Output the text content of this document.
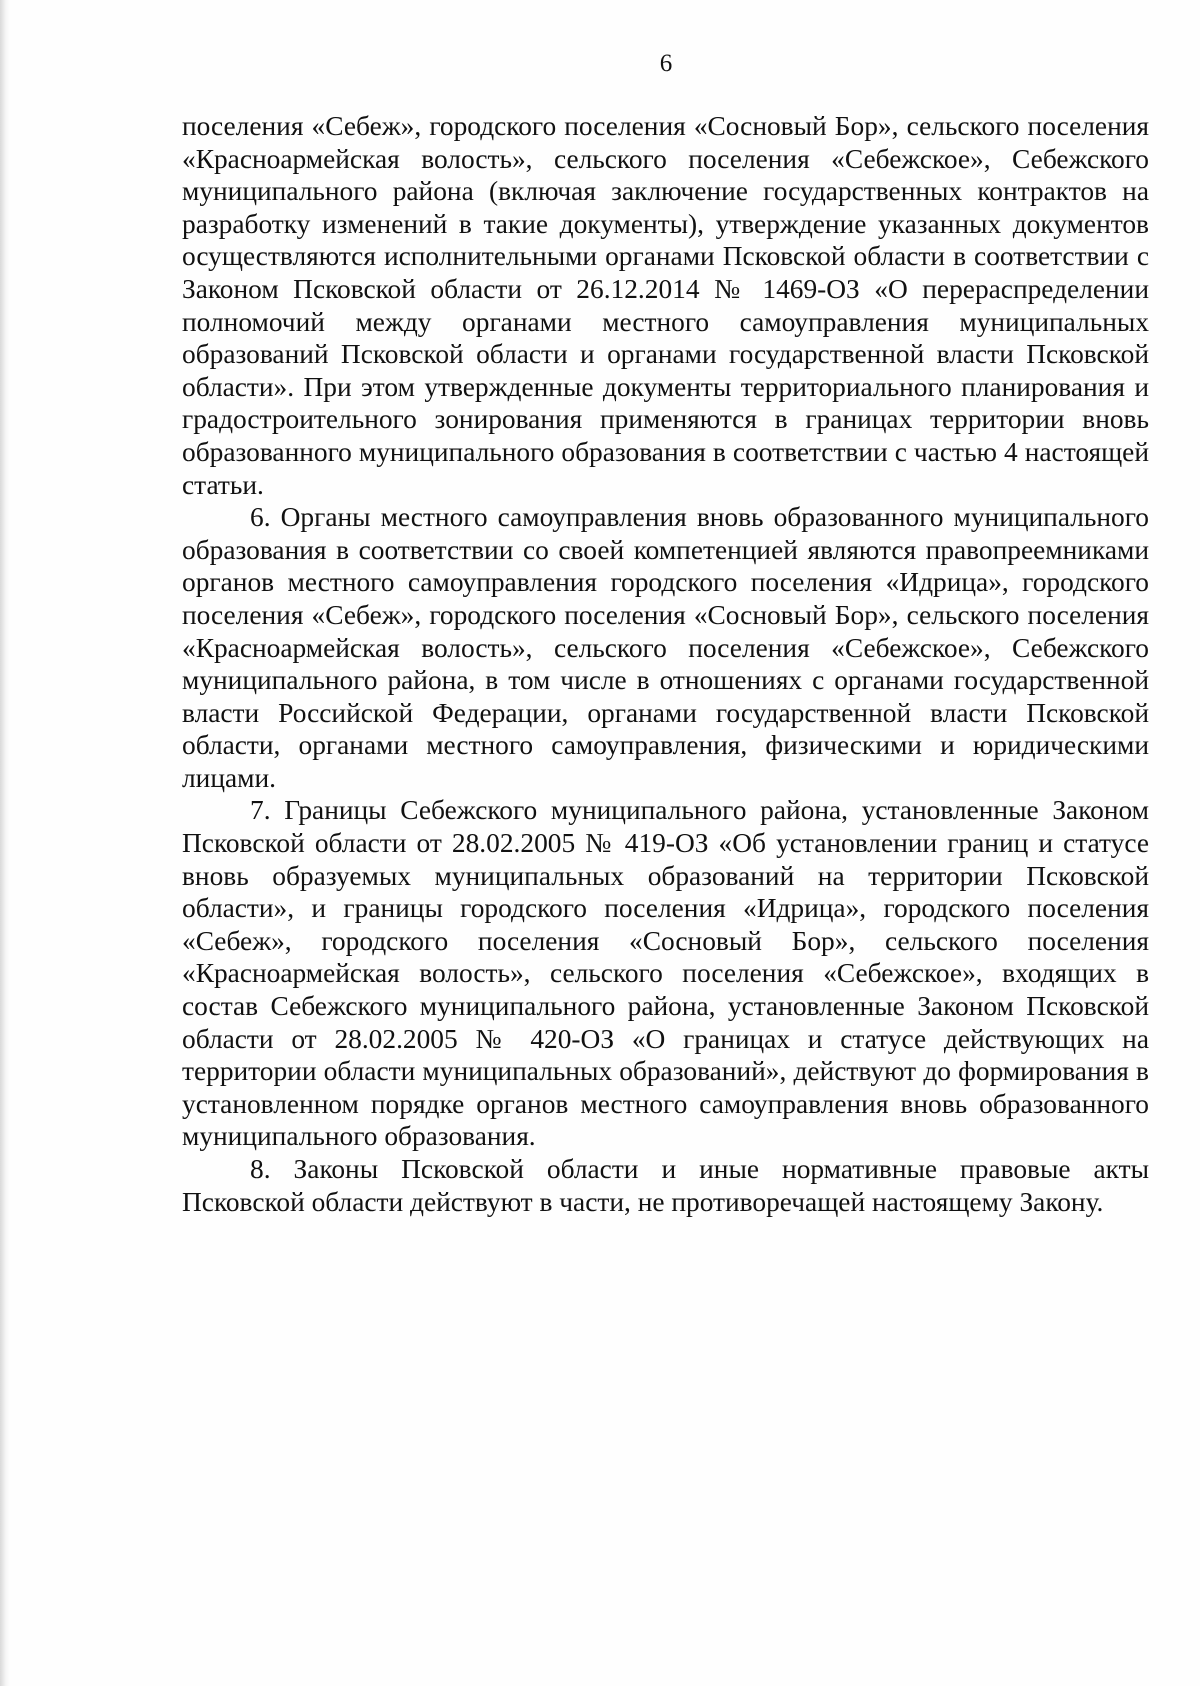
6

поселения «Себеж», городского поселения «Сосновый Бор», сельского поселения «Красноармейская волость», сельского поселения «Себежское», Себежского муниципального района (включая заключение государственных контрактов на разработку изменений в такие документы), утверждение указанных документов осуществляются исполнительными органами Псковской области в соответствии с Законом Псковской области от 26.12.2014 № 1469-ОЗ «О перераспределении полномочий между органами местного самоуправления муниципальных образований Псковской области и органами государственной власти Псковской области». При этом утвержденные документы территориального планирования и градостроительного зонирования применяются в границах территории вновь образованного муниципального образования в соответствии с частью 4 настоящей статьи.

6. Органы местного самоуправления вновь образованного муниципального образования в соответствии со своей компетенцией являются правопреемниками органов местного самоуправления городского поселения «Идрица», городского поселения «Себеж», городского поселения «Сосновый Бор», сельского поселения «Красноармейская волость», сельского поселения «Себежское», Себежского муниципального района, в том числе в отношениях с органами государственной власти Российской Федерации, органами государственной власти Псковской области, органами местного самоуправления, физическими и юридическими лицами.

7. Границы Себежского муниципального района, установленные Законом Псковской области от 28.02.2005 № 419-ОЗ «Об установлении границ и статусе вновь образуемых муниципальных образований на территории Псковской области», и границы городского поселения «Идрица», городского поселения «Себеж», городского поселения «Сосновый Бор», сельского поселения «Красноармейская волость», сельского поселения «Себежское», входящих в состав Себежского муниципального района, установленные Законом Псковской области от 28.02.2005 № 420-ОЗ «О границах и статусе действующих на территории области муниципальных образований», действуют до формирования в установленном порядке органов местного самоуправления вновь образованного муниципального образования.

8. Законы Псковской области и иные нормативные правовые акты Псковской области действуют в части, не противоречащей настоящему Закону.
